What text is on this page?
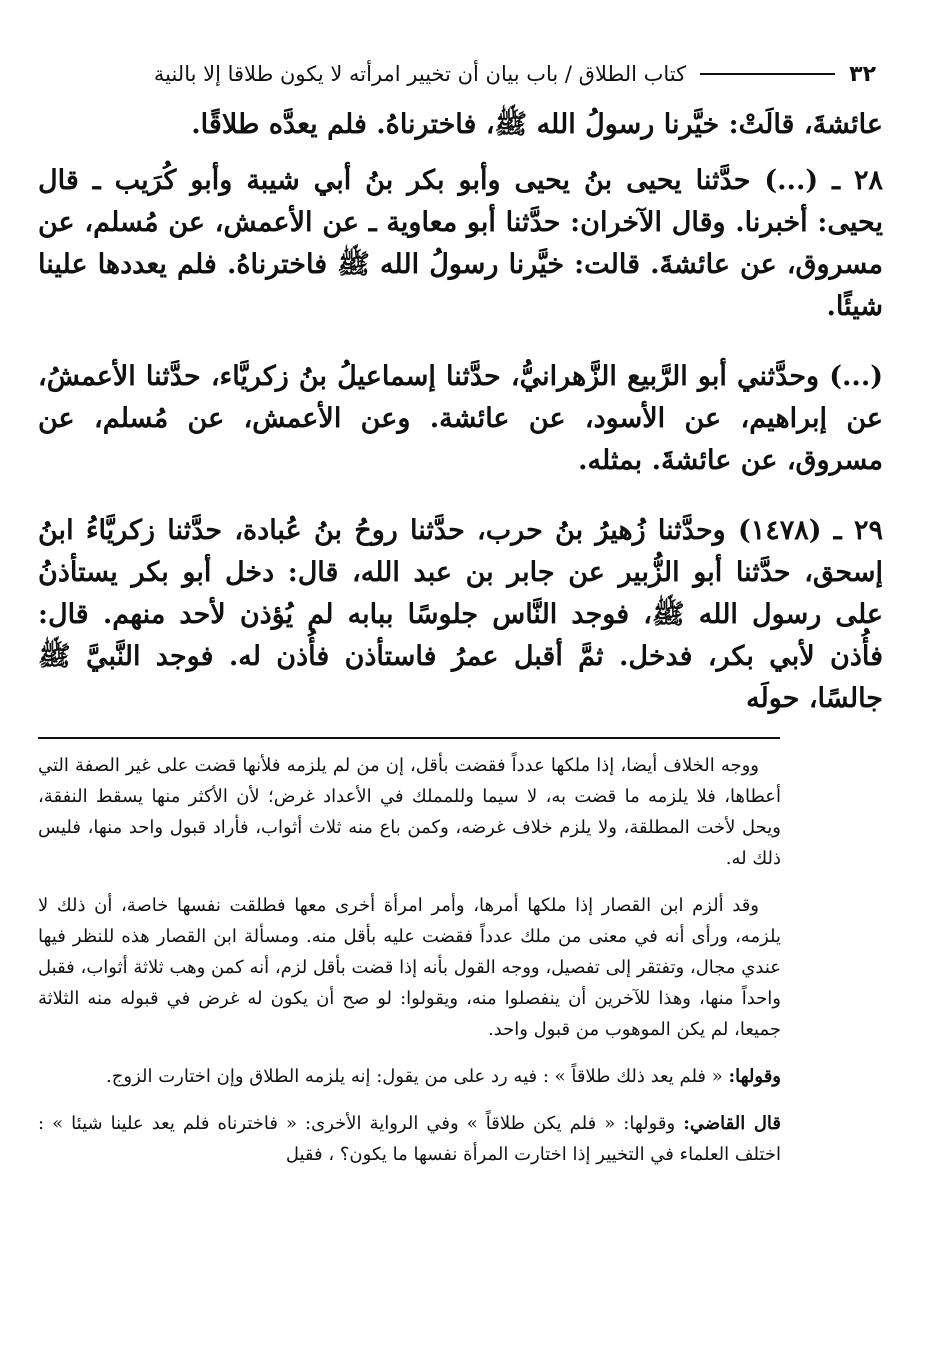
٣٢
كتاب الطلاق / باب بيان أن تخيير امرأته لا يكون طلاقا إلا بالنية

عائشةَ، قالَتْ: خيَّرنا رسولُ الله ﷺ، فاخترناهُ. فلم يعدَّه طلاقًا.

٢٨ ـ (...) حدَّثنا يحيى بنُ يحيى وأبو بكر بنُ أبي شيبة وأبو كُرَيب ـ قال يحيى: أخبرنا. وقال الآخران: حدَّثنا أبو معاوية ـ عن الأعمش، عن مُسلم، عن مسروق، عن عائشةَ. قالت: خيَّرنا رسولُ الله ﷺ فاخترناهُ. فلم يعددها علينا شيئًا.

(...) وحدَّثني أبو الرَّبيع الزَّهرانيُّ، حدَّثنا إسماعيلُ بنُ زكريَّاء، حدَّثنا الأعمشُ، عن إبراهيم، عن الأسود، عن عائشة. وعن الأعمش، عن مُسلم، عن مسروق، عن عائشةَ. بمثله.

٢٩ ـ (١٤٧٨) وحدَّثنا زُهيرُ بنُ حرب، حدَّثنا روحُ بنُ عُبادة، حدَّثنا زكريَّاءُ ابنُ إسحق، حدَّثنا أبو الزُّبير عن جابر بن عبد الله، قال: دخل أبو بكر يستأذنُ على رسول الله ﷺ، فوجد النَّاس جلوسًا ببابه لم يُؤذن لأحد منهم. قال: فأُذن لأبي بكر، فدخل. ثمَّ أقبل عمرُ فاستأذن فأُذن له. فوجد النَّبيَّ ﷺ جالسًا، حولَه

ووجه الخلاف أيضا، إذا ملكها عدداً فقضت بأقل، إن من لم يلزمه فلأنها قضت على غير الصفة التي أعطاها، فلا يلزمه ما قضت به، لا سيما وللمملك في الأعداد غرض؛ لأن الأكثر منها يسقط النفقة، ويحل لأخت المطلقة، ولا يلزم خلاف غرضه، وكمن باع منه ثلاث أثواب، فأراد قبول واحد منها، فليس ذلك له.

وقد ألزم ابن القصار إذا ملكها أمرها، وأمر امرأة أخرى معها فطلقت نفسها خاصة، أن ذلك لا يلزمه، ورأى أنه في معنى من ملك عدداً فقضت عليه بأقل منه. ومسألة ابن القصار هذه للنظر فيها عندي مجال، وتفتقر إلى تفصيل، ووجه القول بأنه إذا قضت بأقل لزم، أنه كمن وهب ثلاثة أثواب، فقبل واحداً منها، وهذا للآخرين أن ينفصلوا منه، ويقولوا: لو صح أن يكون له غرض في قبوله منه الثلاثة جميعا، لم يكن الموهوب من قبول واحد.

وقولها: « فلم يعد ذلك طلاقاً » : فيه رد على من يقول: إنه يلزمه الطلاق وإن اختارت الزوج.

قال القاضي: وقولها: « فلم يكن طلاقاً » وفي الرواية الأخرى: « فاخترناه فلم يعد علينا شيئا » : اختلف العلماء في التخيير إذا اختارت المرأة نفسها ما يكون؟ ، فقيل
